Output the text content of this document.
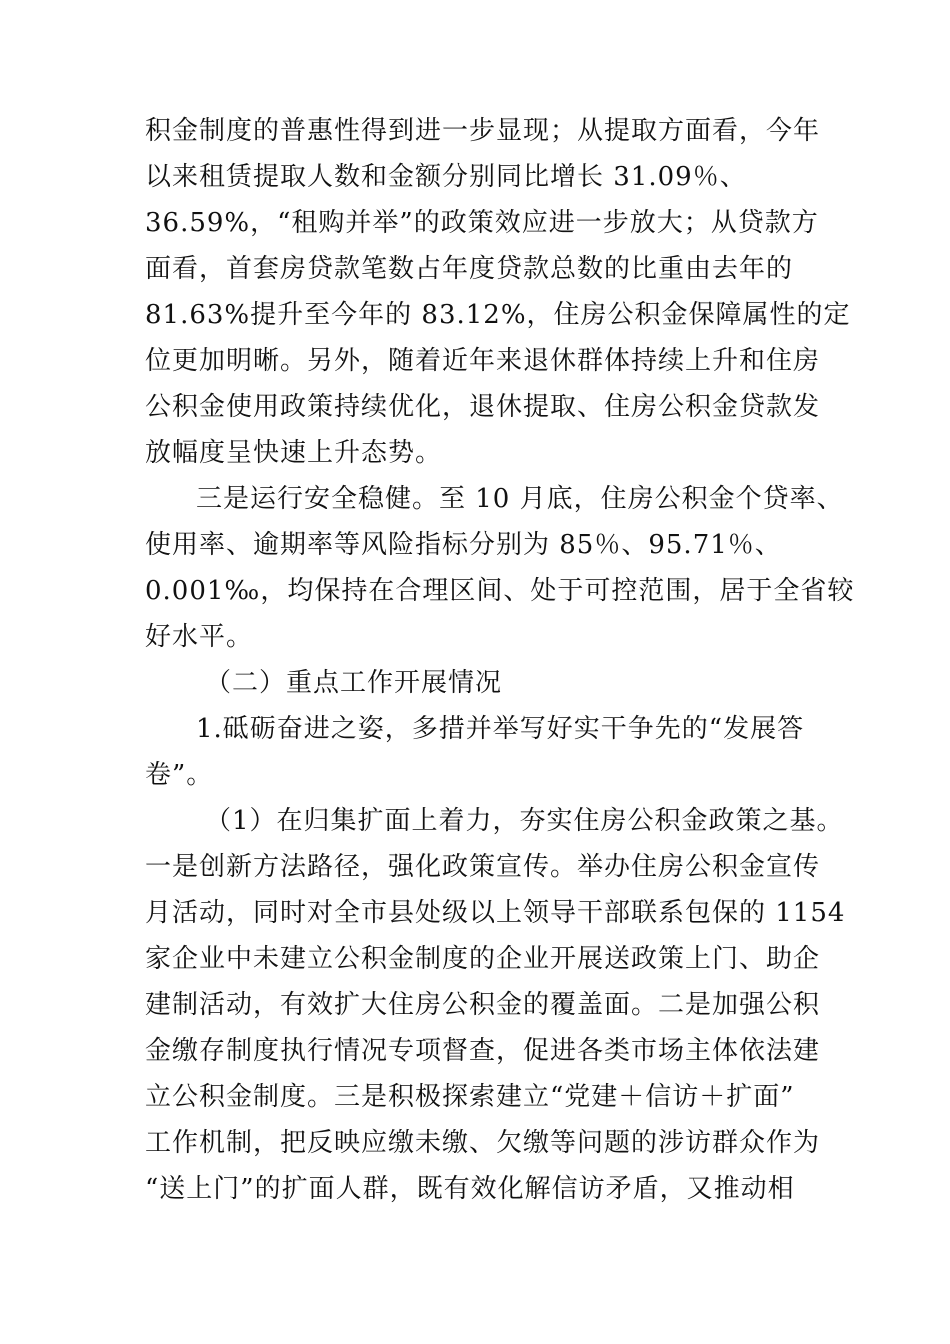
积金制度的普惠性得到进一步显现；从提取方面看，今年
以来租赁提取人数和金额分别同比增长 31.09％、
36.59%，“租购并举”的政策效应进一步放大；从贷款方
面看，首套房贷款笔数占年度贷款总数的比重由去年的
81.63%提升至今年的 83.12%，住房公积金保障属性的定
位更加明晰。另外，随着近年来退休群体持续上升和住房
公积金使用政策持续优化，退休提取、住房公积金贷款发
放幅度呈快速上升态势。
三是运行安全稳健。至 10 月底，住房公积金个贷率、
使用率、逾期率等风险指标分别为 85％、95.71％、
0.001‰，均保持在合理区间、处于可控范围，居于全省较
好水平。
（二）重点工作开展情况
1.砥砺奋进之姿，多措并举写好实干争先的“发展答
卷”。
（1）在归集扩面上着力，夯实住房公积金政策之基。
一是创新方法路径，强化政策宣传。举办住房公积金宣传
月活动，同时对全市县处级以上领导干部联系包保的 1154
家企业中未建立公积金制度的企业开展送政策上门、助企
建制活动，有效扩大住房公积金的覆盖面。二是加强公积
金缴存制度执行情况专项督查，促进各类市场主体依法建
立公积金制度。三是积极探索建立“党建＋信访＋扩面”
工作机制，把反映应缴未缴、欠缴等问题的涉访群众作为
“送上门”的扩面人群，既有效化解信访矛盾，又推动相
